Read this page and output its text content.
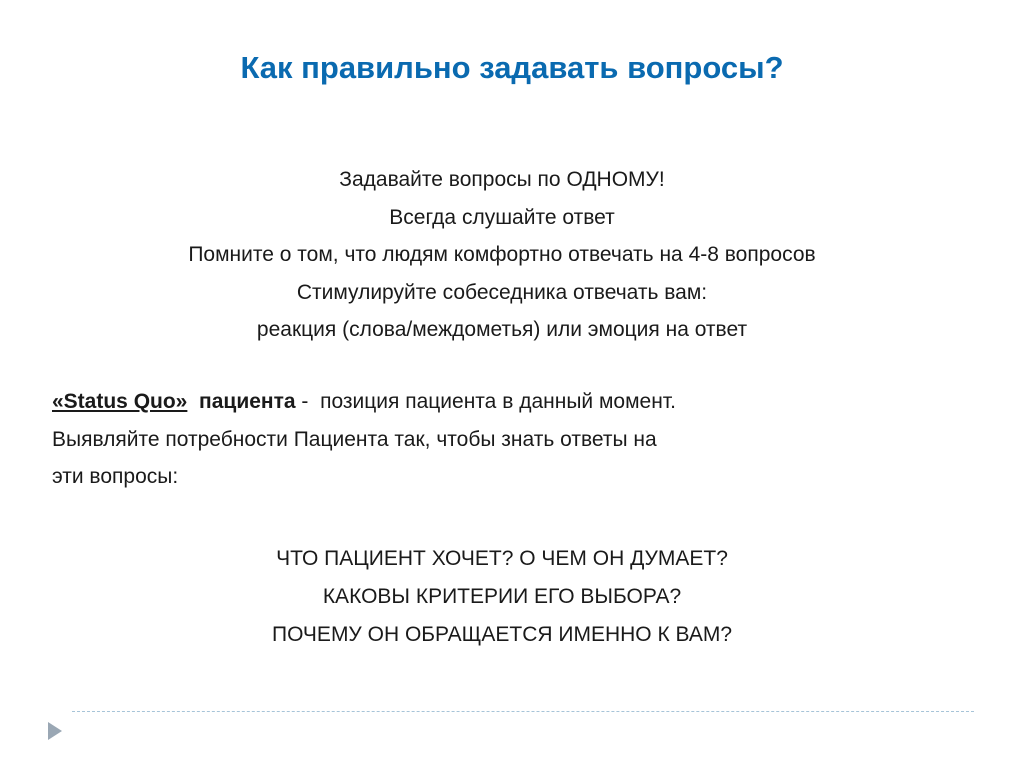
Как правильно задавать вопросы?
Задавайте вопросы по ОДНОМУ!
Всегда слушайте ответ
Помните о том, что людям комфортно отвечать на 4-8 вопросов
Стимулируйте собеседника отвечать вам:
реакция (слова/междометья) или эмоция на ответ
«Status Quo» пациента - позиция пациента в данный момент.
Выявляйте потребности Пациента так, чтобы знать ответы на
эти вопросы:
ЧТО ПАЦИЕНТ ХОЧЕТ? О ЧЕМ ОН ДУМАЕТ?
КАКОВЫ КРИТЕРИИ ЕГО ВЫБОРА?
ПОЧЕМУ ОН ОБРАЩАЕТСЯ ИМЕННО К ВАМ?
